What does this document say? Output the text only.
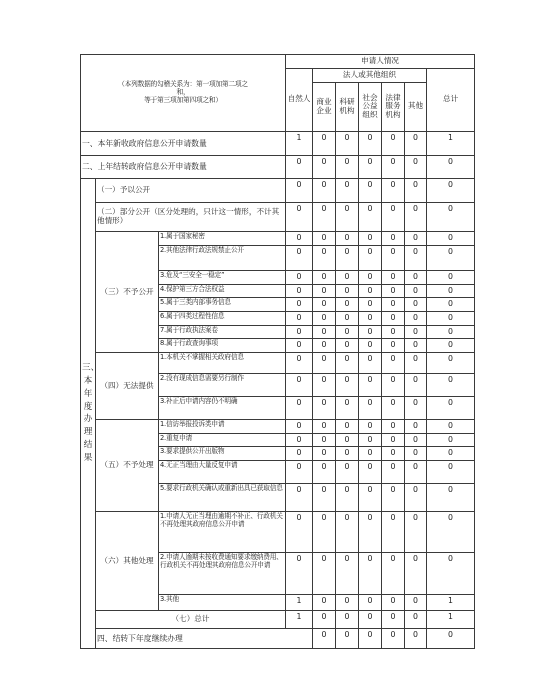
（本列数据的勾稽关系为：第一项加第二项之
和，
等于第三项加第四项之和）			申请人情况							
			自然人	法人或其他组织					总计	
				商业企业	科研机构	社会公益组织	法律服务机构	其他		

一、本年新收政府信息公开申请数量			1	0	0	0	0	0	1	
二、上年结转政府信息公开申请数量			0	0	0	0	0	0	0	
三、本年度办理结果	（一）予以公开		0	0	0	0	0	0	0	
	（二）部分公开（区分处理的，只计这一情形，不计其他情形）		0	0	0	0	0	0	0	
	（三）不予公开	1.属于国家秘密	0	0	0	0	0	0	0	
		2.其他法律行政法规禁止公开	0	0	0	0	0	0	0	
		3.危及“三安全一稳定”	0	0	0	0	0	0	0	
		4.保护第三方合法权益	0	0	0	0	0	0	0	
		5.属于三类内部事务信息	0	0	0	0	0	0	0	
		6.属于四类过程性信息	0	0	0	0	0	0	0	
		7.属于行政执法案卷	0	0	0	0	0	0	0	
		8.属于行政查询事项	0	0	0	0	0	0	0	
	（四）无法提供	1.本机关不掌握相关政府信息	0	0	0	0	0	0	0	
		2.没有现成信息需要另行制作	0	0	0	0	0	0	0	
		3.补正后申请内容仍不明确	0	0	0	0	0	0	0	
	（五）不予处理	1.信访举报投诉类申请	0	0	0	0	0	0	0	
		2.重复申请	0	0	0	0	0	0	0	
		3.要求提供公开出版物	0	0	0	0	0	0	0	
		4.无正当理由大量反复申请	0	0	0	0	0	0	0	
		5.要求行政机关确认或重新出具已获取信息	0	0	0	0	0	0	0	
	（六）其他处理	1.申请人无正当理由逾期不补正、行政机关不再处理其政府信息公开申请	0	0	0	0	0	0	0	
		2.申请人逾期未按收费通知要求缴纳费用、行政机关不再处理其政府信息公开申请	0	0	0	0	0	0	0	
		3.其他	1	0	0	0	0	0	1	
	（七）总计		1	0	0	0	0	0	1	
	四、结转下年度继续办理			0	0	0	0	0	0	
